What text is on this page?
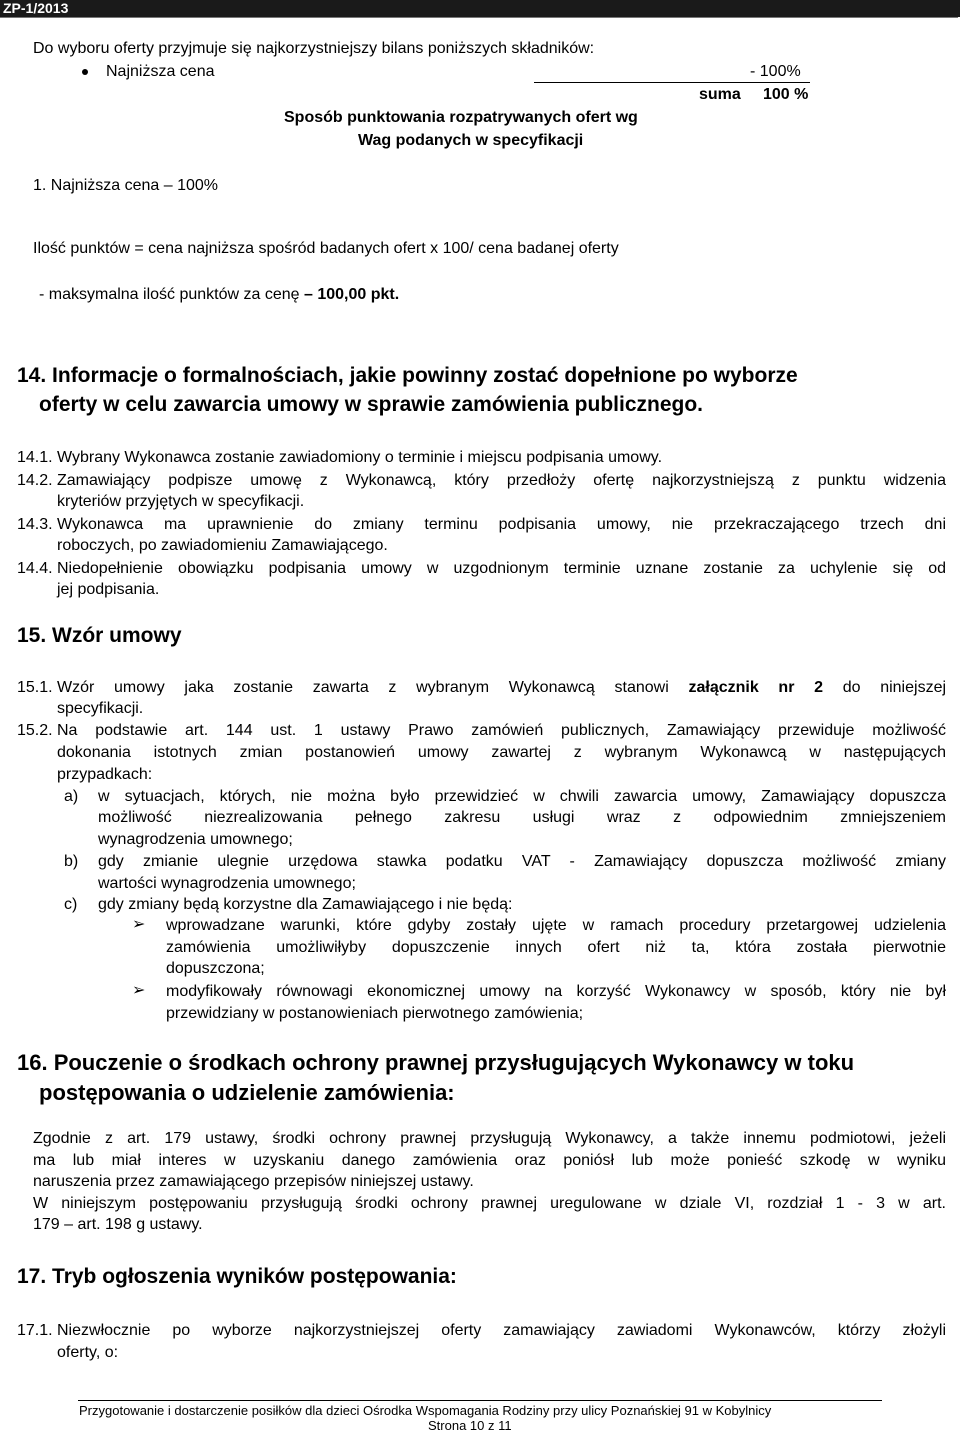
ZP-1/2013
Do wyboru oferty przyjmuje się najkorzystniejszy bilans poniższych składników:
Najniższa cena	- 100%
suma 100 %
Sposób punktowania rozpatrywanych ofert wg
Wag podanych w specyfikacji
1. Najniższa cena – 100%
Ilość punktów = cena najniższa spośród badanych ofert x 100/ cena badanej oferty
- maksymalna ilość punktów za cenę – 100,00 pkt.
14. Informacje o formalnościach, jakie powinny zostać dopełnione po wyborze
oferty w celu zawarcia umowy w sprawie zamówienia publicznego.
14.1. Wybrany Wykonawca zostanie zawiadomiony o terminie i miejscu podpisania umowy.
14.2. Zamawiający podpisze umowę z Wykonawcą, który przedłoży ofertę najkorzystniejszą z punktu widzenia
kryteriów przyjętych w specyfikacji.
14.3. Wykonawca ma uprawnienie do zmiany terminu podpisania umowy, nie przekraczającego trzech dni
roboczych, po zawiadomieniu Zamawiającego.
14.4. Niedopełnienie obowiązku podpisania umowy w uzgodnionym terminie uznane zostanie za uchylenie się od
jej podpisania.
15. Wzór umowy
15.1. Wzór umowy jaka zostanie zawarta z wybranym Wykonawcą stanowi załącznik nr 2 do niniejszej
specyfikacji.
15.2. Na podstawie art. 144 ust. 1 ustawy Prawo zamówień publicznych, Zamawiający przewiduje możliwość
dokonania istotnych zmian postanowień umowy zawartej z wybranym Wykonawcą w następujących
przypadkach:
a) w sytuacjach, których, nie można było przewidzieć w chwili zawarcia umowy, Zamawiający dopuszcza
możliwość niezrealizowania pełnego zakresu usługi wraz z odpowiednim zmniejszeniem
wynagrodzenia umownego;
b) gdy zmianie ulegnie urzędowa stawka podatku VAT - Zamawiający dopuszcza możliwość zmiany
wartości wynagrodzenia umownego;
c) gdy zmiany będą korzystne dla Zamawiającego i nie będą:
➢ wprowadzane warunki, które gdyby zostały ujęte w ramach procedury przetargowej udzielenia
zamówienia umożliwiłyby dopuszczenie innych ofert niż ta, która została pierwotnie
dopuszczona;
➢ modyfikowały równowagi ekonomicznej umowy na korzyść Wykonawcy w sposób, który nie był
przewidziany w postanowieniach pierwotnego zamówienia;
16. Pouczenie o środkach ochrony prawnej przysługujących Wykonawcy w toku
postępowania o udzielenie zamówienia:
Zgodnie z art. 179 ustawy, środki ochrony prawnej przysługują Wykonawcy, a także innemu podmiotowi, jeżeli
ma lub miał interes w uzyskaniu danego zamówienia oraz poniósł lub może ponieść szkodę w wyniku
naruszenia przez zamawiającego przepisów niniejszej ustawy.
W niniejszym postępowaniu przysługują środki ochrony prawnej uregulowane w dziale VI, rozdział 1 - 3 w art.
179 – art. 198 g ustawy.
17. Tryb ogłoszenia wyników postępowania:
17.1. Niezwłocznie po wyborze najkorzystniejszej oferty zamawiający zawiadomi Wykonawców, którzy złożyli
oferty, o:
Przygotowanie i dostarczenie posiłków dla dzieci Ośrodka Wspomagania Rodziny przy ulicy Poznańskiej 91 w Kobylnicy
Strona 10 z 11
